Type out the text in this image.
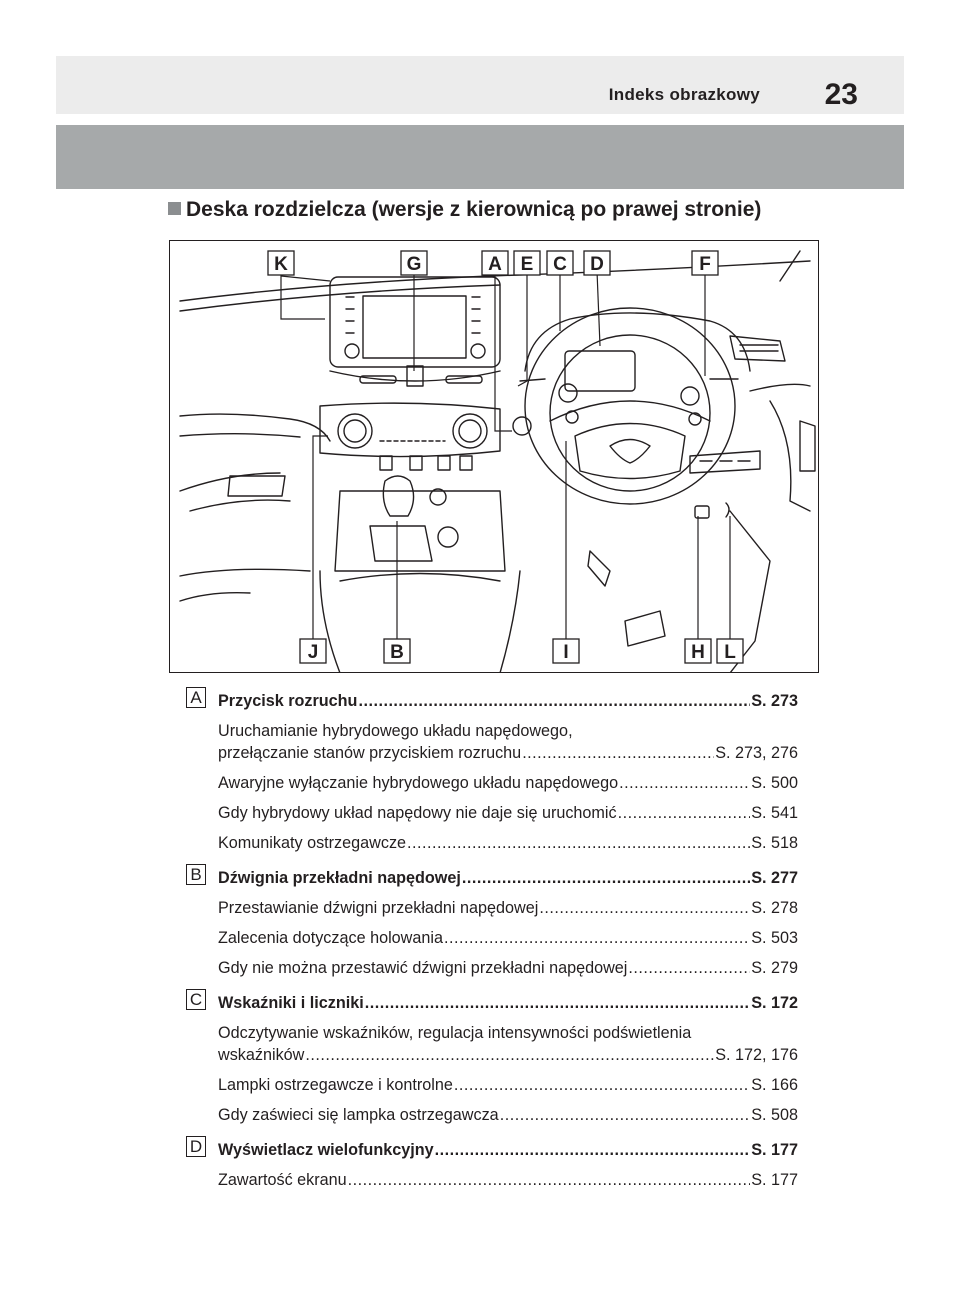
Indeks obrazkowy 23
Deska rozdzielcza (wersje z kierownicą po prawej stronie)
K	G	A E C D	F
J	B	I	H L
A Przycisk rozruchu .....	S. 273
Uruchamianie hybrydowego układu napędowego,
przełączanie stanów przyciskiem rozruchu .....	S. 273, 276
Awaryjne wyłączanie hybrydowego układu napędowego .....	S. 500
Gdy hybrydowy układ napędowy nie daje się uruchomić .....	S. 541
Komunikaty ostrzegawcze .....	S. 518
B Dźwignia przekładni napędowej .....	S. 277
Przestawianie dźwigni przekładni napędowej .....	S. 278
Zalecenia dotyczące holowania .....	S. 503
Gdy nie można przestawić dźwigni przekładni napędowej .....	S. 279
C Wskaźniki i liczniki .....	S. 172
Odczytywanie wskaźników, regulacja intensywności podświetlenia
wskaźników .....	S. 172, 176
Lampki ostrzegawcze i kontrolne .....	S. 166
Gdy zaświeci się lampka ostrzegawcza .....	S. 508
D Wyświetlacz wielofunkcyjny .....	S. 177
Zawartość ekranu .....	S. 177
